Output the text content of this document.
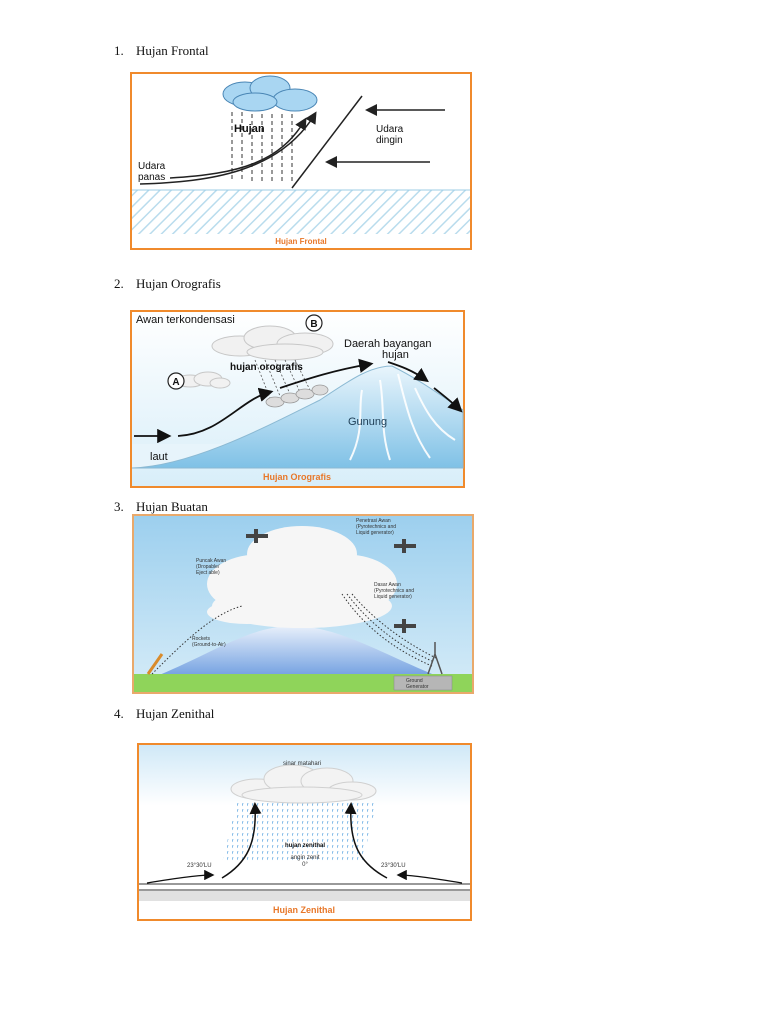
1. Hujan Frontal
Hujan
Udara
panas
Udara
dingin
Hujan Frontal
2. Hujan Orografis
B
A
Awan terkondensasi
Daerah bayangan
hujan
hujan orografis
Gunung
laut
Hujan Orografis
3. Hujan Buatan
Penetrasi Awan
(Pyrotechnics and
Liquid generator)
Puncak Awan
(Dropable/
Eject able)
Dasar Awan
(Pyrotechnics and
Liquid generator)
Rockets
(Ground-to-Air)
Ground
Generator
4. Hujan Zenithal
sinar matahari
hujan zenithal
angin zenit
0°
23°30'LU	23°30'LU
Hujan Zenithal
